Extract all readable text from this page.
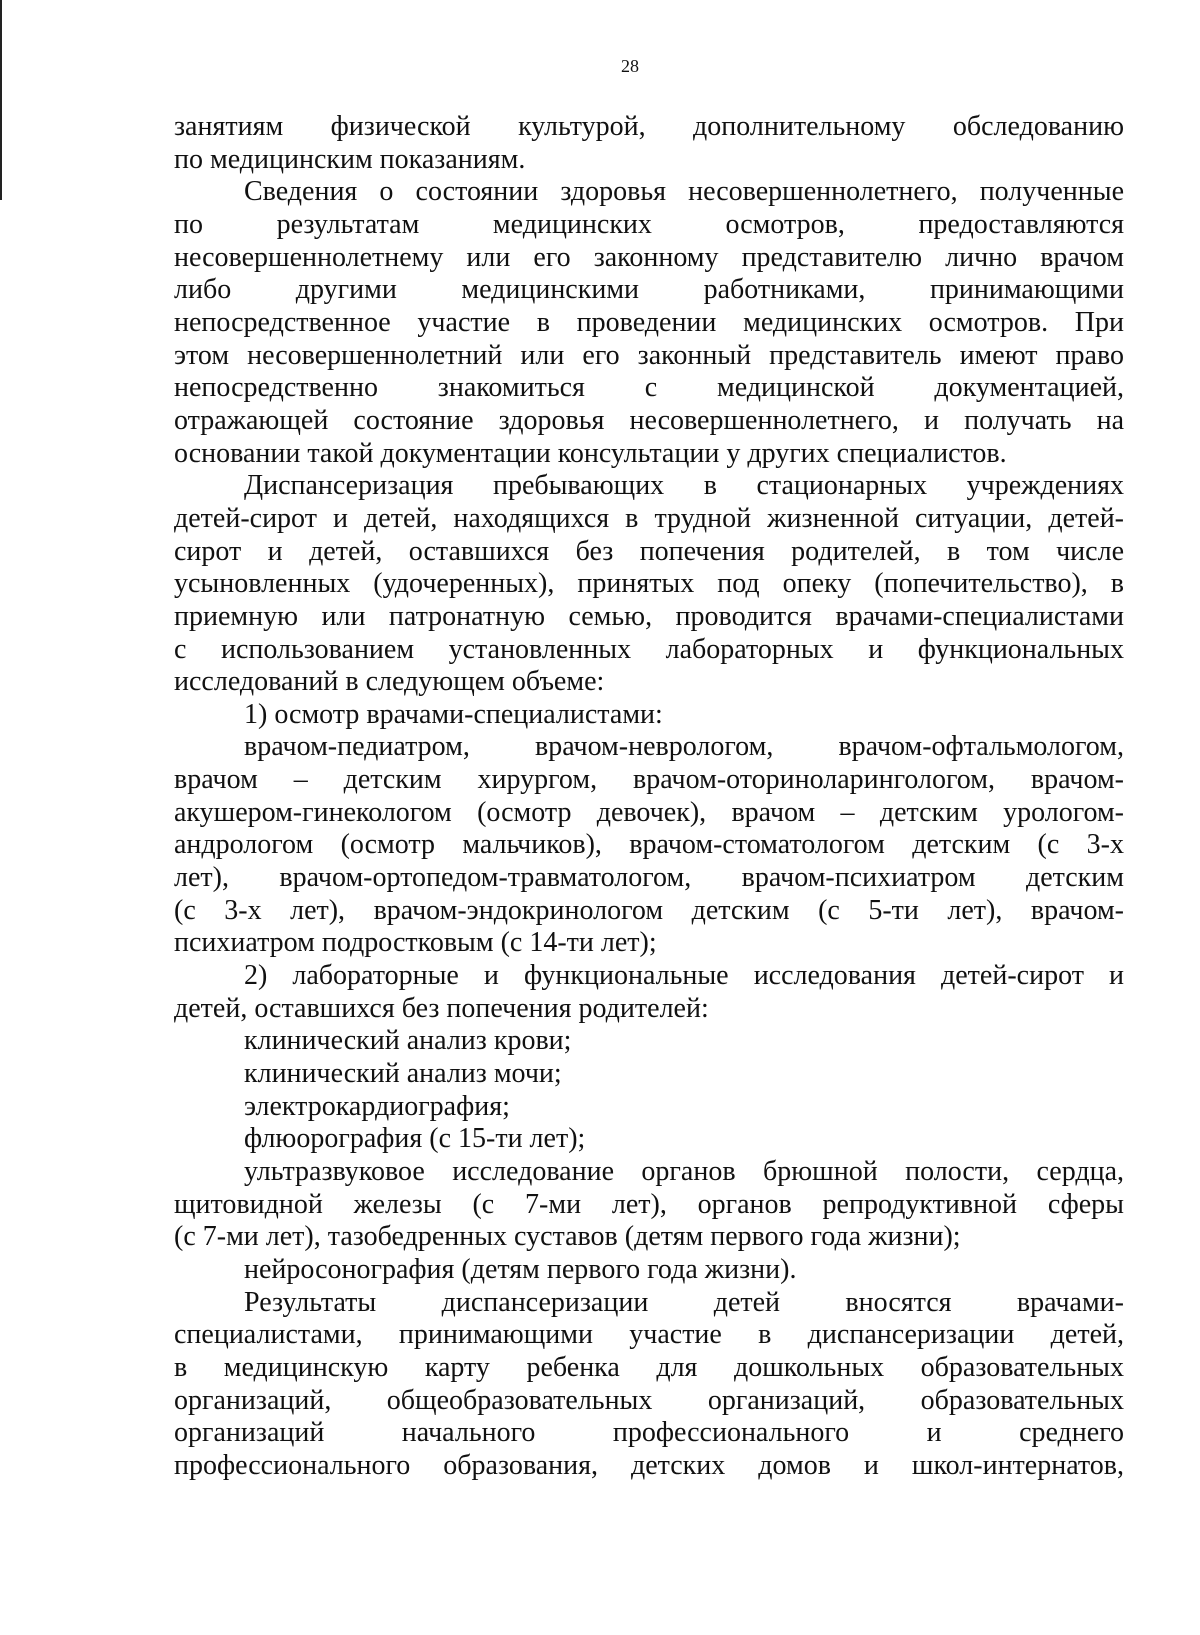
28

занятиям физической культурой, дополнительному обследованию
по медицинским показаниям.

Сведения о состоянии здоровья несовершеннолетнего, полученные
по результатам медицинских осмотров, предоставляются
несовершеннолетнему или его законному представителю лично врачом
либо другими медицинскими работниками, принимающими
непосредственное участие в проведении медицинских осмотров. При
этом несовершеннолетний или его законный представитель имеют право
непосредственно знакомиться с медицинской документацией,
отражающей состояние здоровья несовершеннолетнего, и получать на
основании такой документации консультации у других специалистов.

Диспансеризация пребывающих в стационарных учреждениях
детей-сирот и детей, находящихся в трудной жизненной ситуации, детей-
сирот и детей, оставшихся без попечения родителей, в том числе
усыновленных (удочеренных), принятых под опеку (попечительство), в
приемную или патронатную семью, проводится врачами-специалистами
с использованием установленных лабораторных и функциональных
исследований в следующем объеме:

1) осмотр врачами-специалистами:

врачом-педиатром, врачом-неврологом, врачом-офтальмологом,
врачом – детским хирургом, врачом-оториноларингологом, врачом-
акушером-гинекологом (осмотр девочек), врачом – детским урологом-
андрологом (осмотр мальчиков), врачом-стоматологом детским (с 3-х
лет), врачом-ортопедом-травматологом, врачом-психиатром детским
(с 3-х лет), врачом-эндокринологом детским (с 5-ти лет), врачом-
психиатром подростковым (с 14-ти лет);

2) лабораторные и функциональные исследования детей-сирот и
детей, оставшихся без попечения родителей:

клинический анализ крови;

клинический анализ мочи;

электрокардиография;

флюорография (с 15-ти лет);

ультразвуковое исследование органов брюшной полости, сердца,
щитовидной железы (с 7-ми лет), органов репродуктивной сферы
(с 7-ми лет), тазобедренных суставов (детям первого года жизни);

нейросонография (детям первого года жизни).

Результаты диспансеризации детей вносятся врачами-
специалистами, принимающими участие в диспансеризации детей,
в медицинскую карту ребенка для дошкольных образовательных
организаций, общеобразовательных организаций, образовательных
организаций начального профессионального и среднего
профессионального образования, детских домов и школ-интернатов,
